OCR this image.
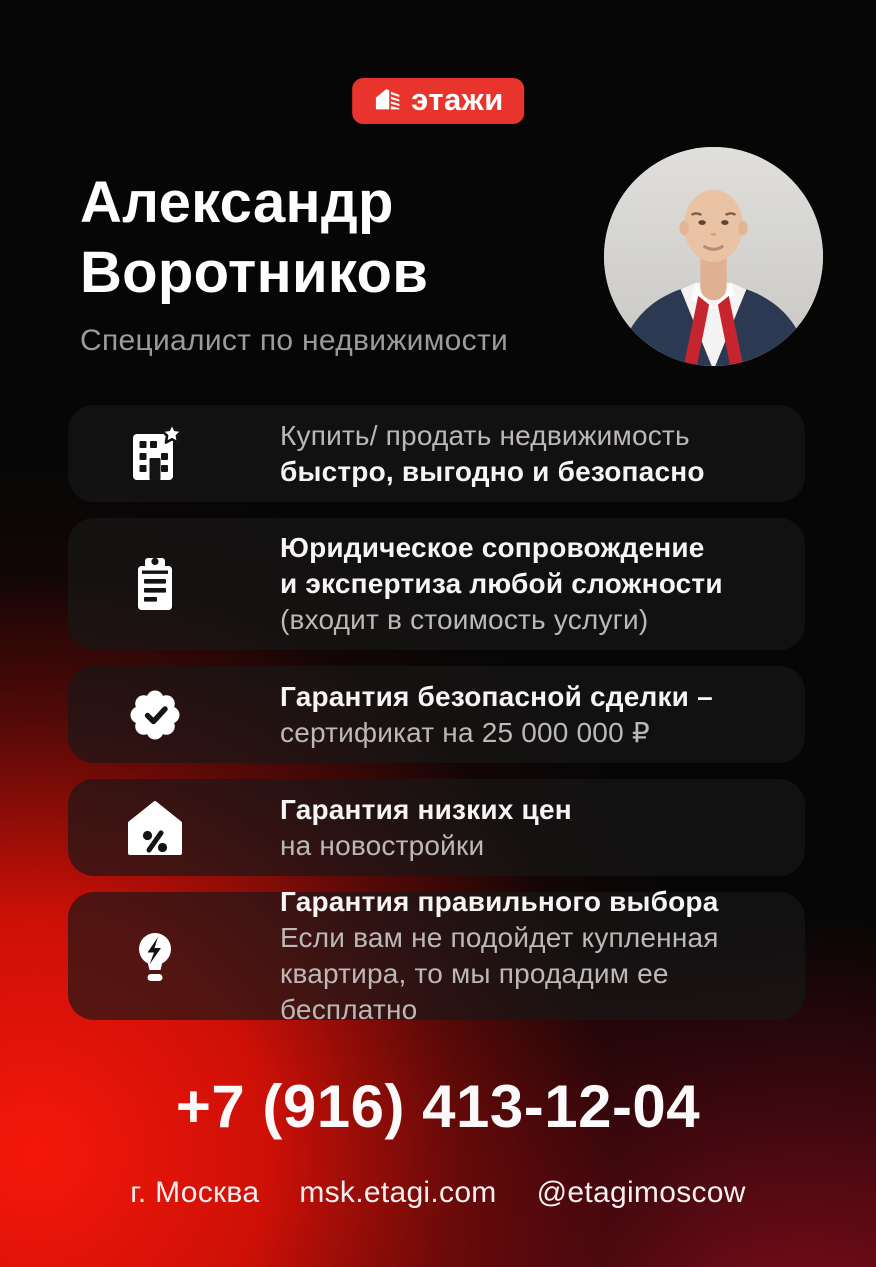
этажи
Александр
Воротников
Специалист по недвижимости
Купить/ продать недвижимость
быстро, выгодно и безопасно
Юридическое сопровождение
и экспертиза любой сложности
(входит в стоимость услуги)
Гарантия безопасной сделки –
сертификат на 25 000 000 ₽
Гарантия низких цен
на новостройки
Гарантия правильного выбора
Если вам не подойдет купленная
квартира, то мы продадим ее бесплатно
+7 (916) 413-12-04
г. Москва msk.etagi.com @etagimoscow
